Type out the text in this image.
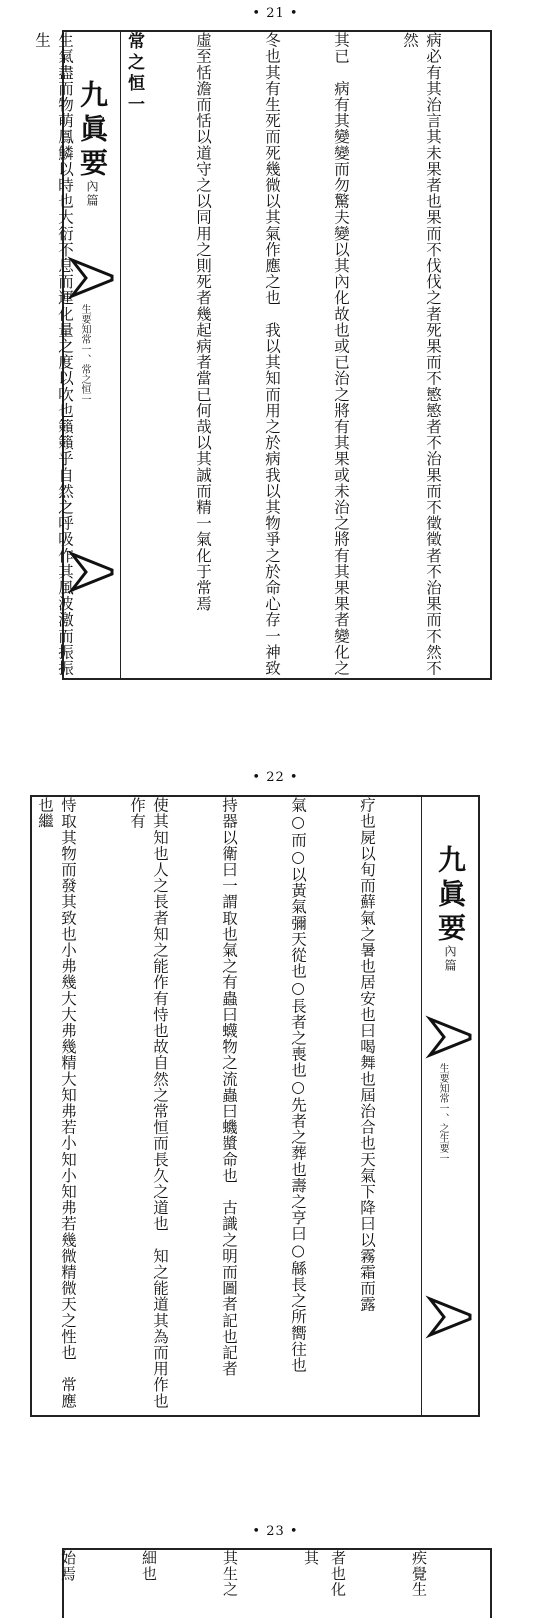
• 21 •
九眞要
內篇
生要知常一、常之恒一

	病必有其治言其未果者也果而不伐伐之者死果而不慜慜者不治果而不徵徵者不治果而不然不然

其已　病有其變變而勿驚夫變以其內化故也或已治之將有其果或未治之將有其果果者變化之

冬也其有生死而死幾微以其氣作應之也　我以其知而用之於病我以其物爭之於命心存一神致

虛至恬澹而恬以道守之以同用之則死者幾起病者當已何哉以其誠而精一氣化于常焉

常之恒一

生氣盡而物萌鳳鱗以時也大衍不息而運化量之度以吹也籟籟乎自然之呼吸作其風波激而振振生

• 22 •

疗也屍以旬而蘚氣之暑也居安也曰喝舞也屆治合也天氣下降曰以霧霜而露

氣○而○以黃氣彌天從也○長者之喪也○先者之葬也壽之亨曰○緜長之所嚮往也

持器以衛曰一謂取也氣之有蟲曰蠛物之流蟲曰蟣螿命也　古識之明而圖者記也記者

使其知也人之長者知之能作有恃也故自然之常恒而長久之道也　知之能道其為而用作也作有

恃取其物而發其致也小弗幾大大弗幾精大知弗若小知小知弗若幾微精微天之性也　常應也繼

九眞要
內篇
生要知常一、之生要一
• 23 •

疾覺生

者也化其

其生之

細也

始焉
